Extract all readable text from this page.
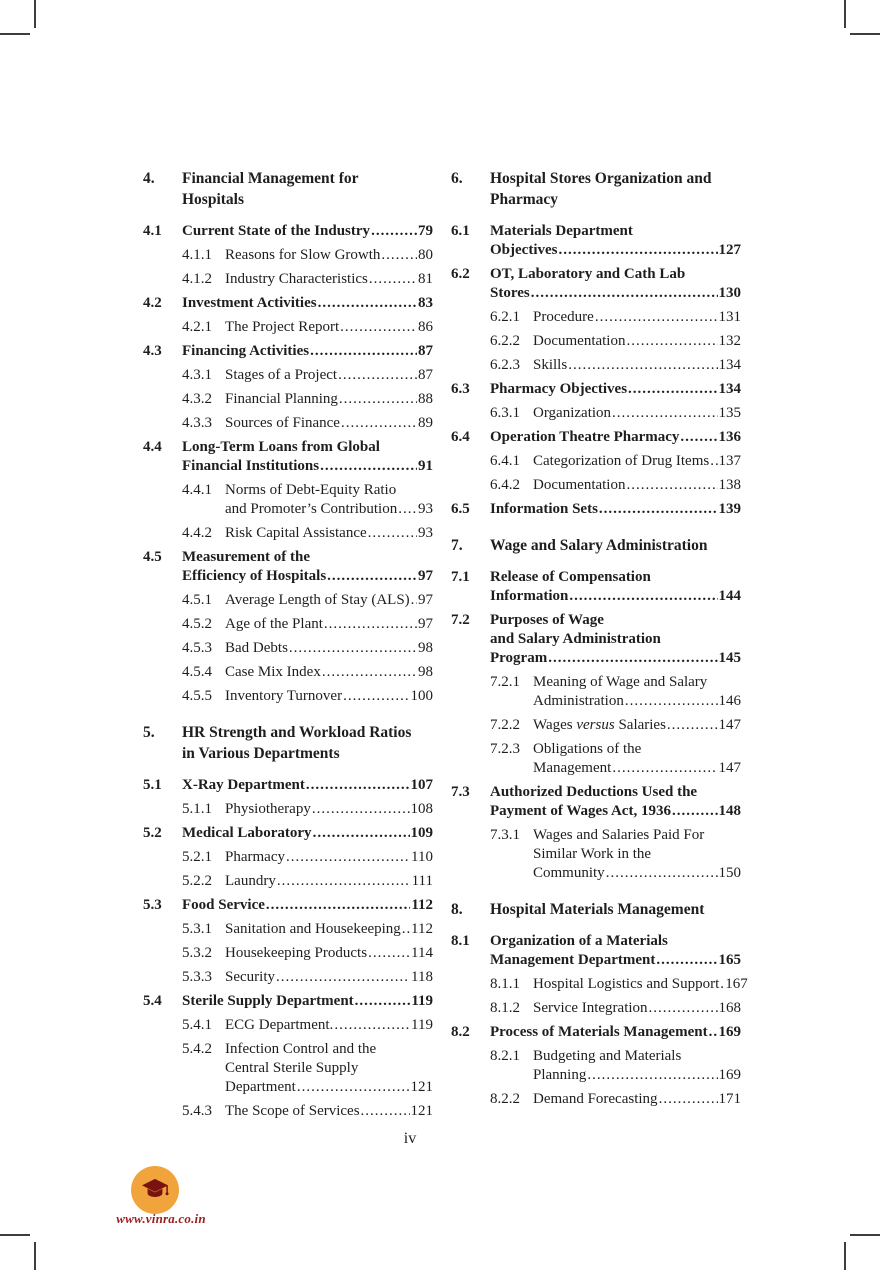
4.	Financial Management for
Hospitals
4.1	Current State of the Industry .....	79
4.1.1 Reasons for Slow Growth .....	80
4.1.2 Industry Characteristics .....	81
4.2	Investment Activities .....	83
4.2.1 The Project Report .....	86
4.3	Financing Activities .....	87
4.3.1 Stages of a Project .....	87
4.3.2 Financial Planning .....	88
4.3.3 Sources of Finance .....	89
4.4	Long-Term Loans from Global
Financial Institutions .....	91
4.4.1 Norms of Debt-Equity Ratio
and Promoter’s Contribution ..... 93
4.4.2 Risk Capital Assistance .....	93
4.5	Measurement of the
Efficiency of Hospitals .....	97
4.5.1 Average Length of Stay (ALS) ..... 97
4.5.2 Age of the Plant .....	97
4.5.3 Bad Debts .....	98
4.5.4 Case Mix Index .....	98
4.5.5 Inventory Turnover .....	100
5.	HR Strength and Workload Ratios
in Various Departments
5.1	X-Ray Department .....	107
5.1.1 Physiotherapy .....	108
5.2	Medical Laboratory .....	109
5.2.1 Pharmacy .....	110
5.2.2 Laundry .....	111
5.3	Food Service .....	112
5.3.1 Sanitation and Housekeeping ..... 112
5.3.2 Housekeeping Products .....	114
5.3.3 Security .....	118
5.4	Sterile Supply Department .....	119
5.4.1 ECG Department. .....	119
5.4.2 Infection Control and the
Central Sterile Supply
Department .....	121
5.4.3 The Scope of Services .....	121
6.	Hospital Stores Organization and
Pharmacy
6.1	Materials Department
Objectives .....	127
6.2	OT, Laboratory and Cath Lab
Stores .....	130
6.2.1 Procedure .....	131
6.2.2 Documentation .....	132
6.2.3 Skills .....	134
6.3	Pharmacy Objectives .....	134
6.3.1 Organization .....	135
6.4	Operation Theatre Pharmacy .....	136
6.4.1 Categorization of Drug Items ..... 137
6.4.2 Documentation .....	138
6.5	Information Sets .....	139
7.	Wage and Salary Administration
7.1	Release of Compensation
Information .....	144
7.2	Purposes of Wage
and Salary Administration
Program .....	145
7.2.1 Meaning of Wage and Salary
Administration .....	146
7.2.2 Wages versus Salaries .....	147
7.2.3 Obligations of the
Management .....	147
7.3	Authorized Deductions Used the
Payment of Wages Act, 1936 .....	148
7.3.1 Wages and Salaries Paid For
Similar Work in the
Community .....	150
8.	Hospital Materials Management
8.1	Organization of a Materials
Management Department .....	165
8.1.1 Hospital Logistics and Support ..... 167
8.1.2 Service Integration .....	168
8.2	Process of Materials Management ..... 169
8.2.1 Budgeting and Materials
Planning .....	169
8.2.2 Demand Forecasting .....	171
iv
www.vinra.co.in
